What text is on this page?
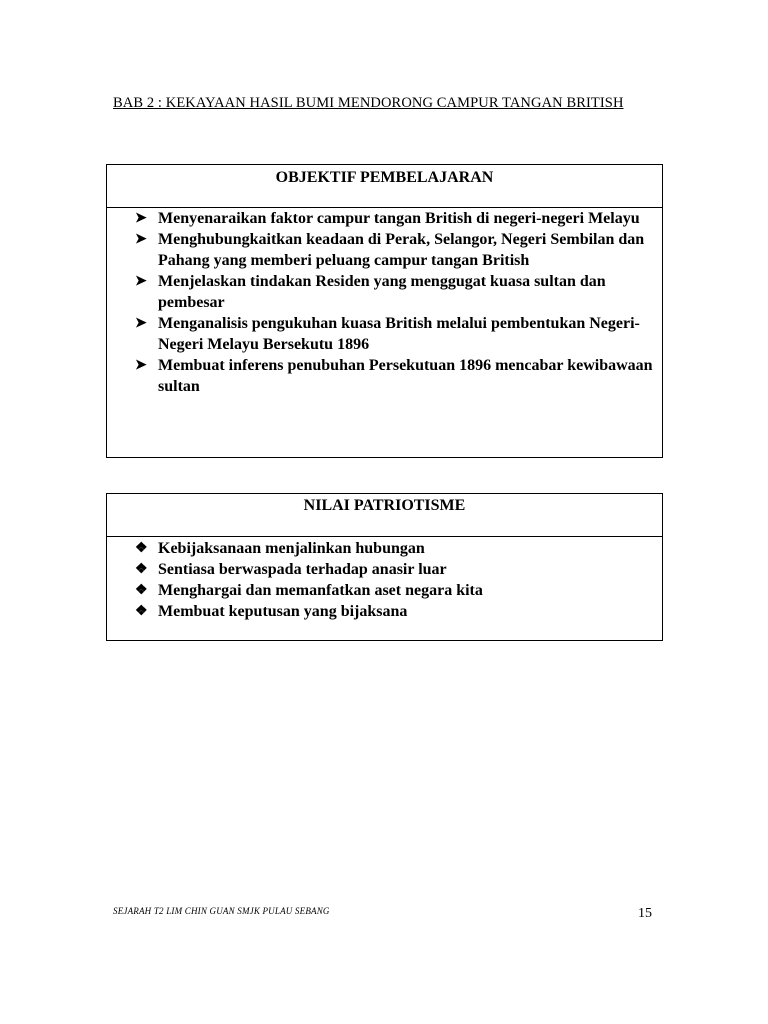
BAB 2 : KEKAYAAN HASIL BUMI MENDORONG CAMPUR TANGAN BRITISH
OBJEKTIF PEMBELAJARAN
➤ Menyenaraikan faktor campur tangan British di negeri-negeri Melayu
➤ Menghubungkaitkan keadaan di Perak, Selangor, Negeri Sembilan dan Pahang yang memberi peluang campur tangan British
➤ Menjelaskan tindakan Residen yang menggugat kuasa sultan dan pembesar
➤ Menganalisis pengukuhan kuasa British melalui pembentukan Negeri-Negeri Melayu Bersekutu 1896
➤ Membuat inferens penubuhan Persekutuan 1896 mencabar kewibawaan sultan
NILAI PATRIOTISME
❖ Kebijaksanaan menjalinkan hubungan
❖ Sentiasa berwaspada terhadap anasir luar
❖ Menghargai dan memanfatkan aset negara kita
❖ Membuat keputusan yang bijaksana
SEJARAH T2 LIM CHIN GUAN SMJK PULAU SEBANG	15
